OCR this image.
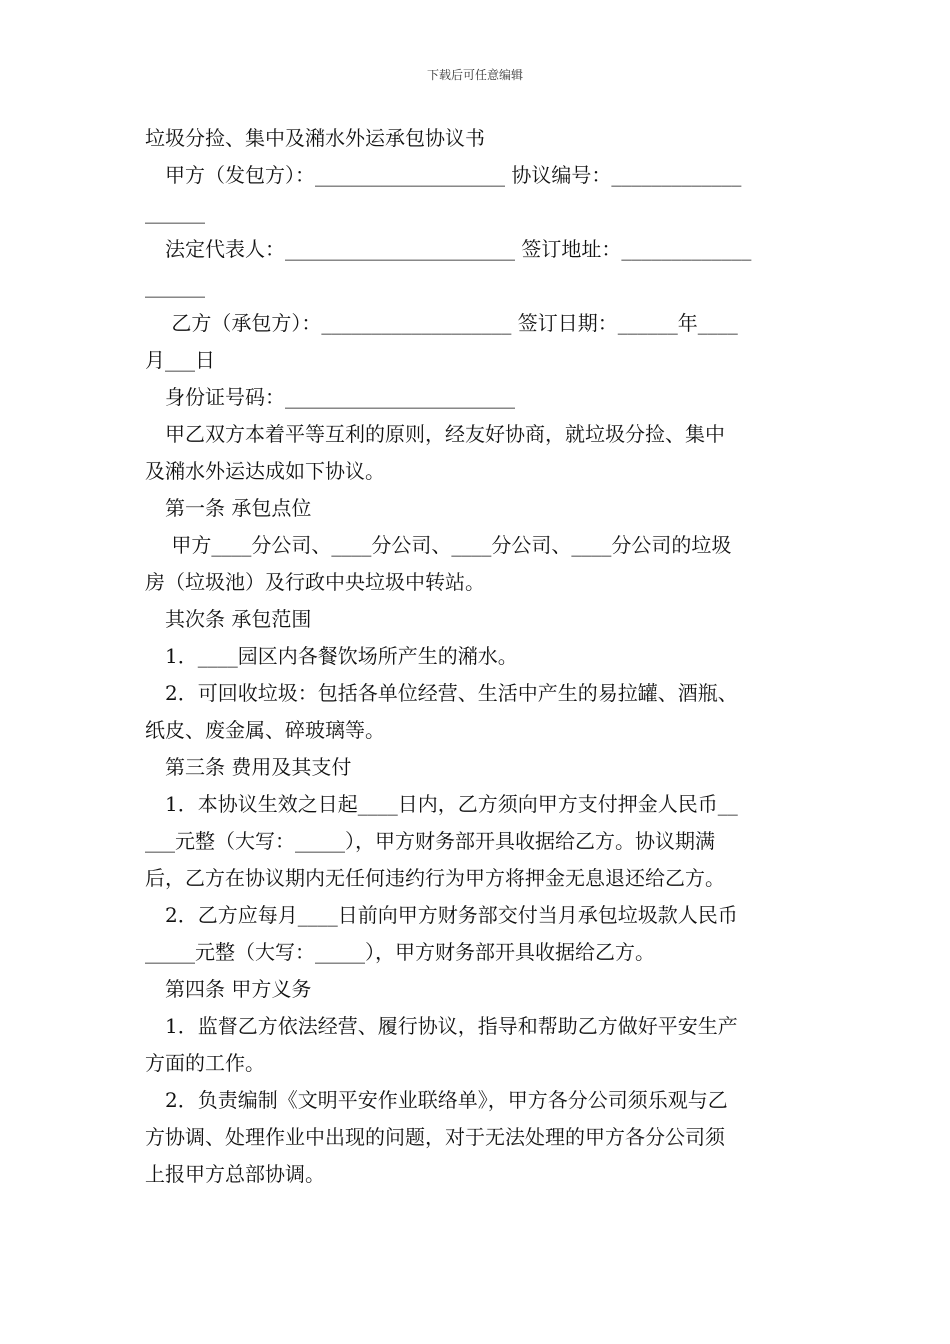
下载后可任意编辑
垃圾分捡、集中及潲水外运承包协议书
　甲方（发包方）：___________________ 协议编号：_____________
______
　法定代表人：_______________________ 签订地址：_____________
______
　 乙方（承包方）：___________________ 签订日期：______年____
月___日
　身份证号码：_______________________
　甲乙双方本着平等互利的原则，经友好协商，就垃圾分捡、集中
及潲水外运达成如下协议。
　第一条 承包点位
　 甲方____分公司、____分公司、____分公司、____分公司的垃圾
房（垃圾池）及行政中央垃圾中转站。
　其次条 承包范围
　1．____园区内各餐饮场所产生的潲水。
　2．可回收垃圾：包括各单位经营、生活中产生的易拉罐、酒瓶、
纸皮、废金属、碎玻璃等。
　第三条 费用及其支付
　1．本协议生效之日起____日内，乙方须向甲方支付押金人民币__
___元整（大写：_____），甲方财务部开具收据给乙方。协议期满
后，乙方在协议期内无任何违约行为甲方将押金无息退还给乙方。
　2．乙方应每月____日前向甲方财务部交付当月承包垃圾款人民币
_____元整（大写：_____），甲方财务部开具收据给乙方。
　第四条 甲方义务
　1．监督乙方依法经营、履行协议，指导和帮助乙方做好平安生产
方面的工作。
　2．负责编制《文明平安作业联络单》，甲方各分公司须乐观与乙
方协调、处理作业中出现的问题，对于无法处理的甲方各分公司须
上报甲方总部协调。
